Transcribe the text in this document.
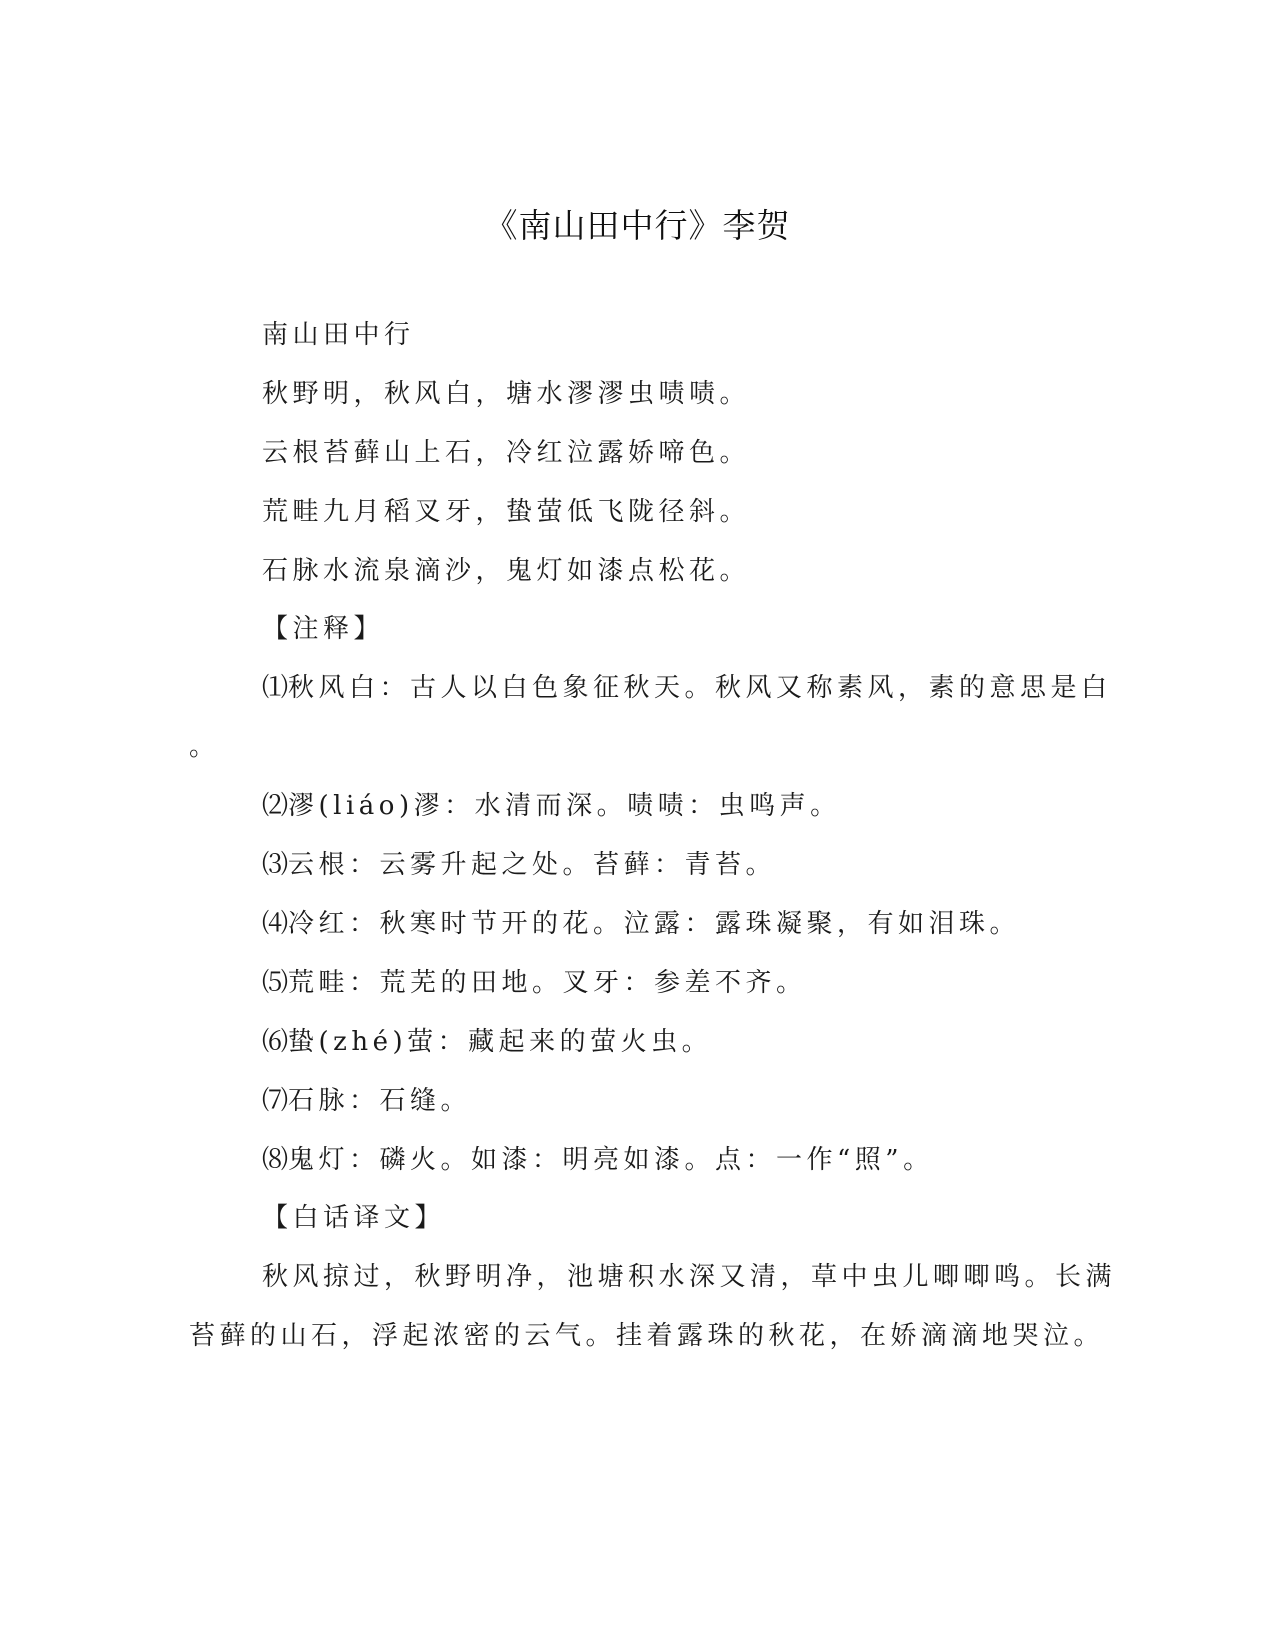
《南山田中行》李贺
南山田中行
秋野明，秋风白，塘水漻漻虫啧啧。
云根苔藓山上石，冷红泣露娇啼色。
荒畦九月稻叉牙，蛰萤低飞陇径斜。
石脉水流泉滴沙，鬼灯如漆点松花。
【注释】
⑴秋风白：古人以白色象征秋天。秋风又称素风，素的意思是白
。
⑵漻(liáo)漻：水清而深。啧啧：虫鸣声。
⑶云根：云雾升起之处。苔藓：青苔。
⑷冷红：秋寒时节开的花。泣露：露珠凝聚，有如泪珠。
⑸荒畦：荒芜的田地。叉牙：参差不齐。
⑹蛰(zhé)萤：藏起来的萤火虫。
⑺石脉：石缝。
⑻鬼灯：磷火。如漆：明亮如漆。点：一作“照”。
【白话译文】
秋风掠过，秋野明净，池塘积水深又清，草中虫儿唧唧鸣。长满
苔藓的山石，浮起浓密的云气。挂着露珠的秋花，在娇滴滴地哭泣。
